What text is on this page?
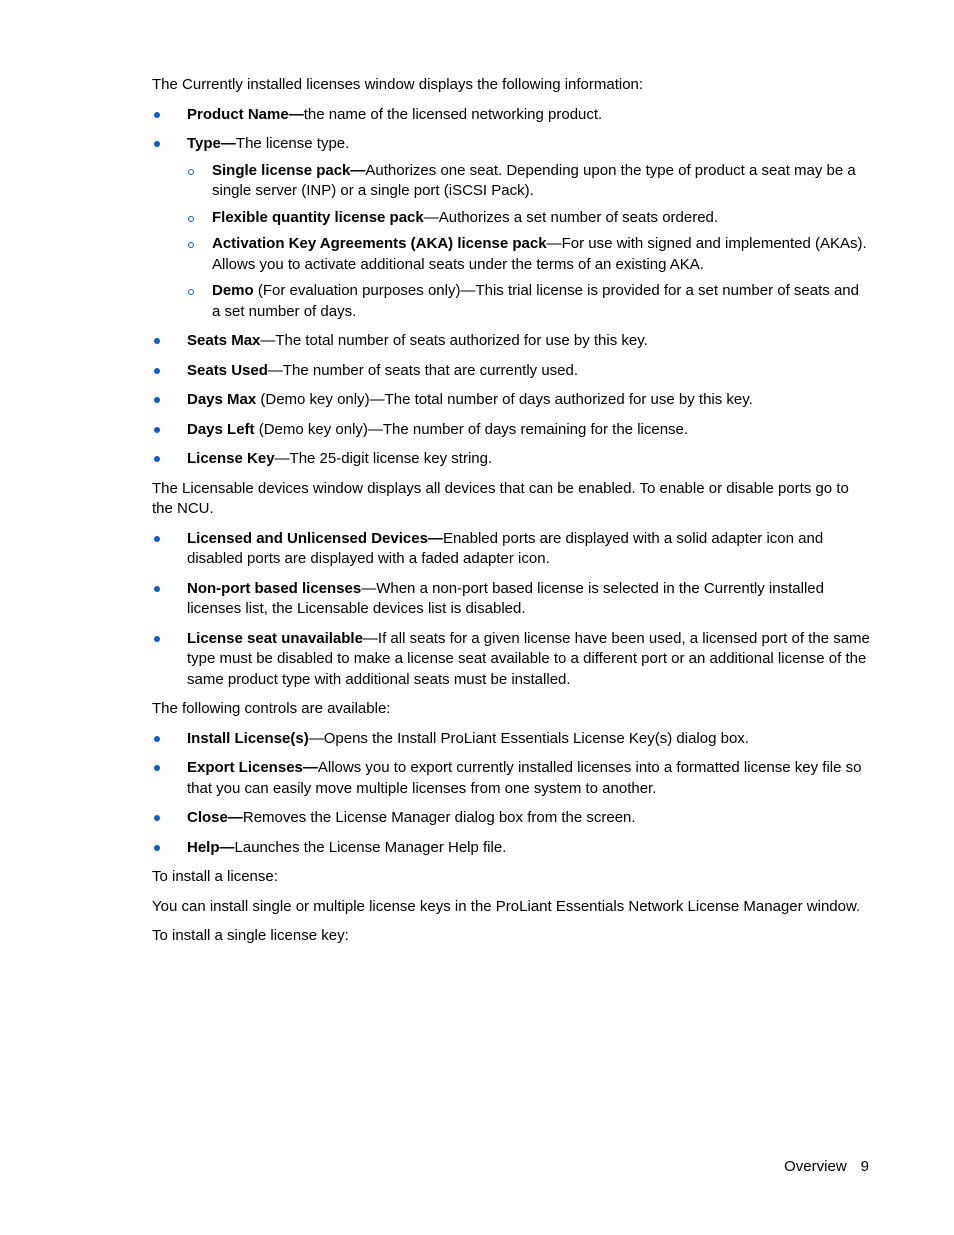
The Currently installed licenses window displays the following information:

Product Name—the name of the licensed networking product.
Type—The license type.
Single license pack—Authorizes one seat. Depending upon the type of product a seat may be a single server (INP) or a single port (iSCSI Pack).
Flexible quantity license pack—Authorizes a set number of seats ordered.
Activation Key Agreements (AKA) license pack—For use with signed and implemented (AKAs). Allows you to activate additional seats under the terms of an existing AKA.
Demo (For evaluation purposes only)—This trial license is provided for a set number of seats and a set number of days.
Seats Max—The total number of seats authorized for use by this key.
Seats Used—The number of seats that are currently used.
Days Max (Demo key only)—The total number of days authorized for use by this key.
Days Left (Demo key only)—The number of days remaining for the license.
License Key—The 25-digit license key string.

The Licensable devices window displays all devices that can be enabled. To enable or disable ports go to the NCU.

Licensed and Unlicensed Devices—Enabled ports are displayed with a solid adapter icon and disabled ports are displayed with a faded adapter icon.
Non-port based licenses—When a non-port based license is selected in the Currently installed licenses list, the Licensable devices list is disabled.
License seat unavailable—If all seats for a given license have been used, a licensed port of the same type must be disabled to make a license seat available to a different port or an additional license of the same product type with additional seats must be installed.

The following controls are available:

Install License(s)—Opens the Install ProLiant Essentials License Key(s) dialog box.
Export Licenses—Allows you to export currently installed licenses into a formatted license key file so that you can easily move multiple licenses from one system to another.
Close—Removes the License Manager dialog box from the screen.
Help—Launches the License Manager Help file.

To install a license:

You can install single or multiple license keys in the ProLiant Essentials Network License Manager window.

To install a single license key:

Overview 9
